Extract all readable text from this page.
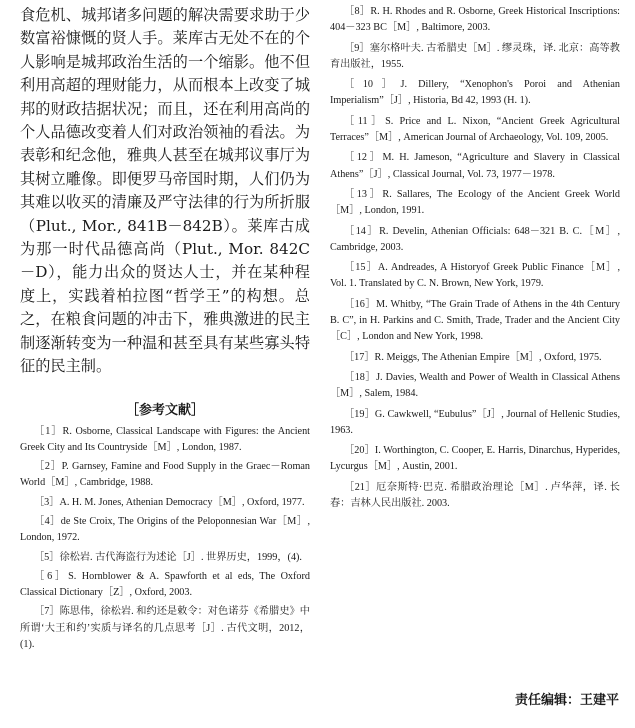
食危机、城邦诸多问题的解决需要求助于少数富裕慷慨的贤人手。莱库古无处不在的个人影响是城邦政治生活的一个缩影。他不但利用高超的理财能力，从而根本上改变了城邦的财政拮据状况；而且，还在利用高尚的个人品德改变着人们对政治领袖的看法。为表彰和纪念他，雅典人甚至在城邦议事厅为其树立雕像。即便罗马帝国时期，人们仍为其难以收买的清廉及严守法律的行为所折服（Plut., Mor., 841B－842B）。莱库古成为那一时代品德高尚（Plut., Mor. 842C－D），能力出众的贤达人士，并在某种程度上，实践着柏拉图“哲学王”的构想。总之，在粮食问题的冲击下，雅典激进的民主制逐渐转变为一种温和甚至具有某些寡头特征的民主制。

［参考文献］

［1］R. Osborne, Classical Landscape with Figures: the Ancient Greek City and Its Countryside［M］, London, 1987.

［2］P. Garnsey, Famine and Food Supply in the Graec－Roman World［M］, Cambridge, 1988.

［3］A. H. M. Jones, Athenian Democracy［M］, Oxford, 1977.

［4］de Ste Croix, The Origins of the Peloponnesian War［M］, London, 1972.

［5］徐松岩. 古代海盗行为述论［J］. 世界历史，1999，(4).

［6］S. Hornblower & A. Spawforth et al eds, The Oxford Classical Dictionary［Z］, Oxford, 2003.

［7］陈思伟，徐松岩. 和约还是敕令：对色诺芬《希腊史》中所谓‘大王和约’实质与译名的几点思考［J］. 古代文明，2012，(1).

［8］R. H. Rhodes and R. Osborne, Greek Historical Inscriptions: 404－323 BC［M］, Baltimore, 2003.

［9］塞尔格叶夫. 古希腊史［M］. 缪灵珠，译. 北京：高等教育出版社，1955.

［10］J. Dillery, “Xenophon's Poroi and Athenian Imperialism”［J］, Historia, Bd 42, 1993 (H. 1).

［11］S. Price and L. Nixon, “Ancient Greek Agricultural Terraces”［M］, American Journal of Archaeology, Vol. 109, 2005.

［12］M. H. Jameson, “Agriculture and Slavery in Classical Athens”［J］, Classical Journal, Vol. 73, 1977－1978.

［13］R. Sallares, The Ecology of the Ancient Greek World［M］, London, 1991.

［14］R. Develin, Athenian Officials: 648－321 B. C.［M］, Cambridge, 2003.

［15］A. Andreades, A Historyof Greek Public Finance［M］, Vol. 1. Translated by C. N. Brown, New York, 1979.

［16］M. Whitby, “The Grain Trade of Athens in the 4th Century B. C”, in H. Parkins and C. Smith, Trade, Trader and the Ancient City［C］, London and New York, 1998.

［17］R. Meiggs, The Athenian Empire［M］, Oxford, 1975.

［18］J. Davies, Wealth and Power of Wealth in Classical Athens［M］, Salem, 1984.

［19］G. Cawkwell, “Eubulus”［J］, Journal of Hellenic Studies, 1963.

［20］I. Worthington, C. Cooper, E. Harris, Dinarchus, Hyperides, Lycurgus［M］, Austin, 2001.

［21］厄奈斯特·巴克. 希腊政治理论［M］. 卢华萍，译. 长春：吉林人民出版社. 2003.

责任编辑：王建平
